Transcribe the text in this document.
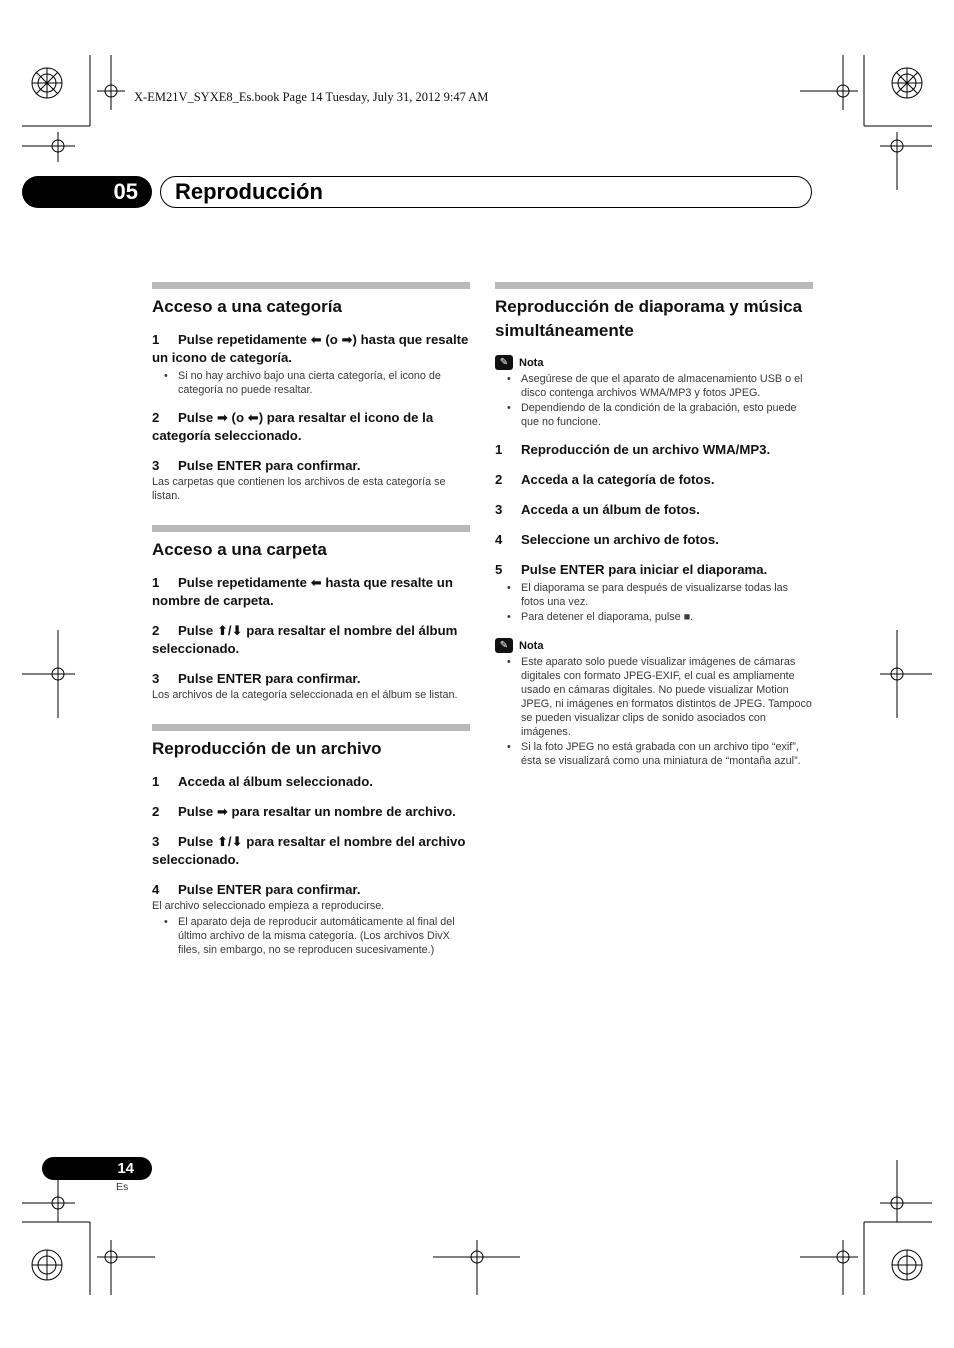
X-EM21V_SYXE8_Es.book Page 14 Tuesday, July 31, 2012 9:47 AM
05 Reproducción
Acceso a una categoría
1 Pulse repetidamente ⬅ (o ➡) hasta que resalte un icono de categoría.
• Si no hay archivo bajo una cierta categoría, el icono de categoría no puede resaltar.
2 Pulse ➡ (o ⬅) para resaltar el icono de la categoría seleccionado.
3 Pulse ENTER para confirmar.
Las carpetas que contienen los archivos de esta categoría se listan.
Acceso a una carpeta
1 Pulse repetidamente ⬅ hasta que resalte un nombre de carpeta.
2 Pulse ⬆/⬇ para resaltar el nombre del álbum seleccionado.
3 Pulse ENTER para confirmar.
Los archivos de la categoría seleccionada en el álbum se listan.
Reproducción de un archivo
1 Acceda al álbum seleccionado.
2 Pulse ➡ para resaltar un nombre de archivo.
3 Pulse ⬆/⬇ para resaltar el nombre del archivo seleccionado.
4 Pulse ENTER para confirmar.
El archivo seleccionado empieza a reproducirse.
• El aparato deja de reproducir automáticamente al final del último archivo de la misma categoría. (Los archivos DivX files, sin embargo, no se reproducen sucesivamente.)
Reproducción de diaporama y música simultáneamente
✎ Nota
• Asegúrese de que el aparato de almacenamiento USB o el disco contenga archivos WMA/MP3 y fotos JPEG.
• Dependiendo de la condición de la grabación, esto puede que no funcione.
1 Reproducción de un archivo WMA/MP3.
2 Acceda a la categoría de fotos.
3 Acceda a un álbum de fotos.
4 Seleccione un archivo de fotos.
5 Pulse ENTER para iniciar el diaporama.
• El diaporama se para después de visualizarse todas las fotos una vez.
• Para detener el diaporama, pulse ■.
✎ Nota
• Este aparato solo puede visualizar imágenes de cámaras digitales con formato JPEG-EXIF, el cual es ampliamente usado en cámaras digitales. No puede visualizar Motion JPEG, ni imágenes en formatos distintos de JPEG. Tampoco se pueden visualizar clips de sonido asociados con imágenes.
• Si la foto JPEG no está grabada con un archivo tipo “exif”, ésta se visualizará como una miniatura de “montaña azul”.
14
Es
